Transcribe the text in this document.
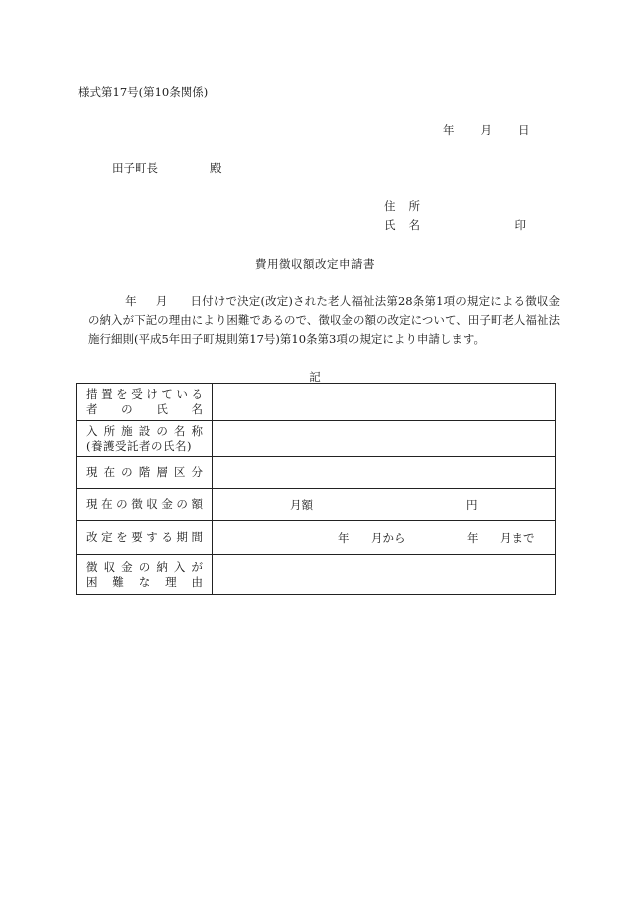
様式第17号(第10条関係)
年 月 日
田子町長	殿
住所
氏名	印
費用徴収額改定申請書
年 月 日付けで決定(改定)された老人福祉法第28条第1項の規定による徴収金の納入が下記の理由により困難であるので、徴収金の額の改定について、田子町老人福祉法施行細則(平成5年田子町規則第17号)第10条第3項の規定により申請します。
記
措置を受けている
者の氏名	

入所施設の名称
(養護受託者の氏名)	

現在の階層区分	

現在の徴収金の額	月額 円

改定を要する期間	年 月から 年 月まで

徴収金の納入が
困難な理由	
